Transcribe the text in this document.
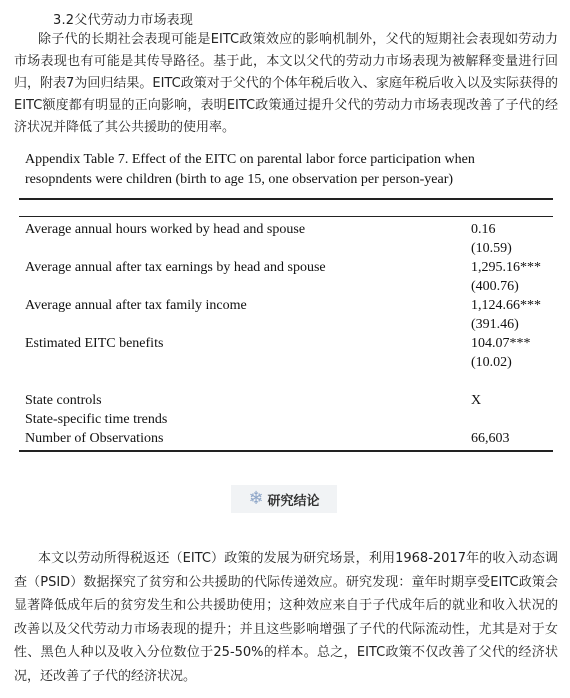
3.2父代劳动力市场表现

除子代的长期社会表现可能是EITC政策效应的影响机制外，父代的短期社会表现如劳动力市场表现也有可能是其传导路径。基于此，本文以父代的劳动力市场表现为被解释变量进行回归，附表7为回归结果。EITC政策对于父代的个体年税后收入、家庭年税后收入以及实际获得的EITC额度都有明显的正向影响，表明EITC政策通过提升父代的劳动力市场表现改善了子代的经济状况并降低了其公共援助的使用率。

Appendix Table 7. Effect of the EITC on parental labor force participation when
resopndents were children (birth to age 15, one observation per person-year)
Average annual hours worked by head and spouse	0.16
(10.59)
Average annual after tax earnings by head and spouse	1,295.16***
(400.76)
Average annual after tax family income	1,124.66***
(391.46)
Estimated EITC benefits	104.07***
(10.02)
State controls	X
State-specific time trends
Number of Observations	66,603
❄ 研究结论

本文以劳动所得税返还（EITC）政策的发展为研究场景，利用1968-2017年的收入动态调查（PSID）数据探究了贫穷和公共援助的代际传递效应。研究发现：童年时期享受EITC政策会显著降低成年后的贫穷发生和公共援助使用；这种效应来自于子代成年后的就业和收入状况的改善以及父代劳动力市场表现的提升；并且这些影响增强了子代的代际流动性，尤其是对于女性、黑色人种以及收入分位数位于25-50%的样本。总之，EITC政策不仅改善了父代的经济状况，还改善了子代的经济状况。
